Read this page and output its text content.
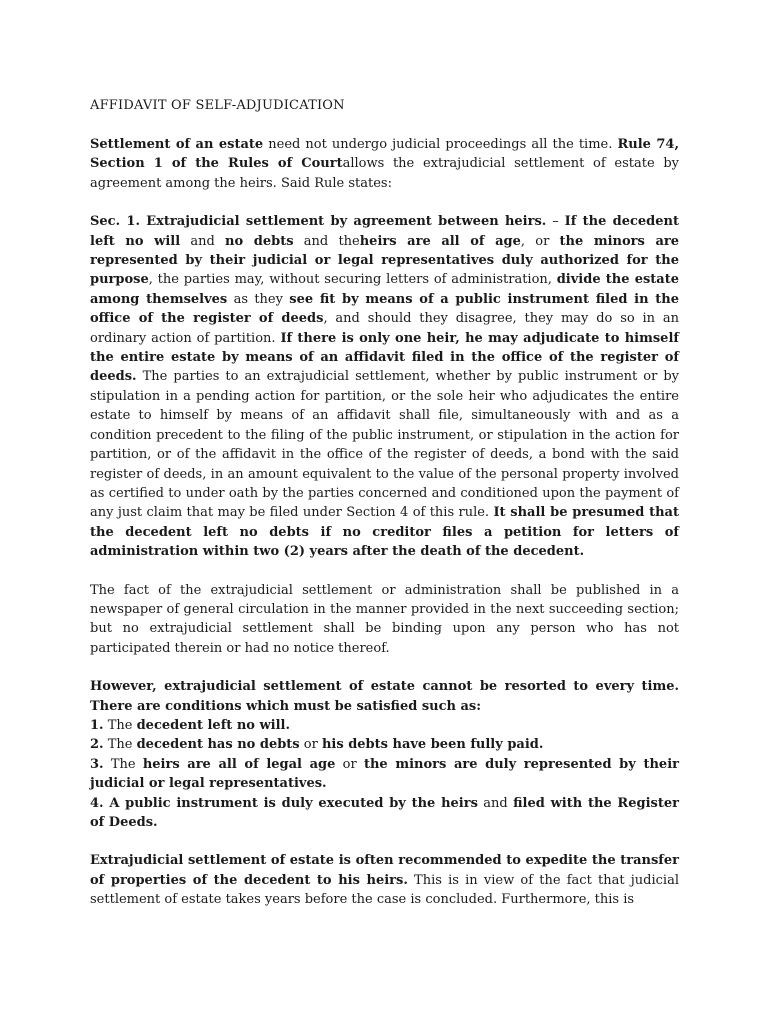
AFFIDAVIT OF SELF-ADJUDICATION
Settlement of an estate need not undergo judicial proceedings all the time. Rule 74, Section 1 of the Rules of Courtallows the extrajudicial settlement of estate by agreement among the heirs. Said Rule states:
Sec. 1. Extrajudicial settlement by agreement between heirs. – If the decedent left no will and no debts and theheirs are all of age, or the minors are represented by their judicial or legal representatives duly authorized for the purpose, the parties may, without securing letters of administration, divide the estate among themselves as they see fit by means of a public instrument filed in the office of the register of deeds, and should they disagree, they may do so in an ordinary action of partition. If there is only one heir, he may adjudicate to himself the entire estate by means of an affidavit filed in the office of the register of deeds. The parties to an extrajudicial settlement, whether by public instrument or by stipulation in a pending action for partition, or the sole heir who adjudicates the entire estate to himself by means of an affidavit shall file, simultaneously with and as a condition precedent to the filing of the public instrument, or stipulation in the action for partition, or of the affidavit in the office of the register of deeds, a bond with the said register of deeds, in an amount equivalent to the value of the personal property involved as certified to under oath by the parties concerned and conditioned upon the payment of any just claim that may be filed under Section 4 of this rule. It shall be presumed that the decedent left no debts if no creditor files a petition for letters of administration within two (2) years after the death of the decedent.
The fact of the extrajudicial settlement or administration shall be published in a newspaper of general circulation in the manner provided in the next succeeding section; but no extrajudicial settlement shall be binding upon any person who has not participated therein or had no notice thereof.
However, extrajudicial settlement of estate cannot be resorted to every time. There are conditions which must be satisfied such as:
1. The decedent left no will.
2. The decedent has no debts or his debts have been fully paid.
3. The heirs are all of legal age or the minors are duly represented by their judicial or legal representatives.
4. A public instrument is duly executed by the heirs and filed with the Register of Deeds.
Extrajudicial settlement of estate is often recommended to expedite the transfer of properties of the decedent to his heirs. This is in view of the fact that judicial settlement of estate takes years before the case is concluded. Furthermore, this is
